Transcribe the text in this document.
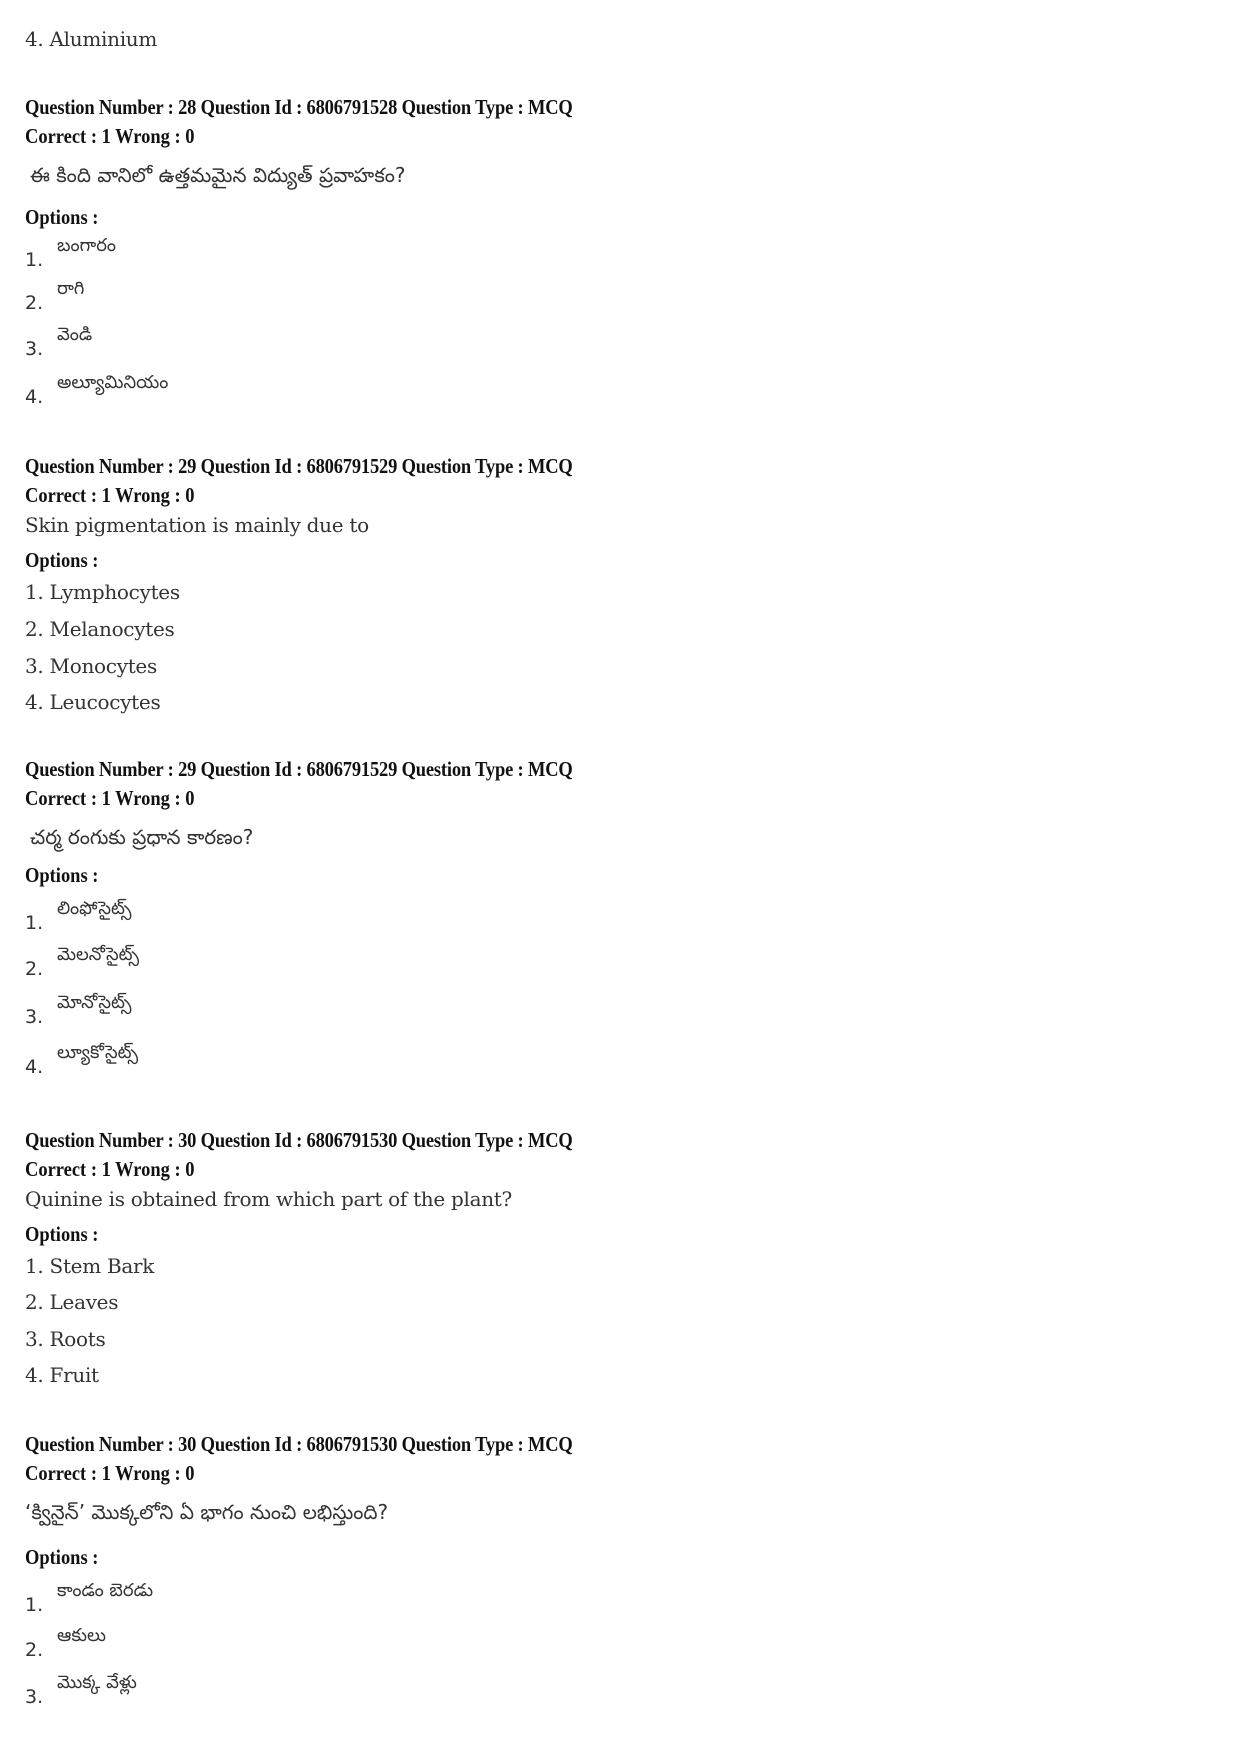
4. Aluminium
Question Number : 28 Question Id : 6806791528 Question Type : MCQ
Correct : 1 Wrong : 0
ఈ కింది వానిలో ఉత్తమమైన విద్యుత్ ప్రవాహకం?
Options :
1.
బంగారం
2.
రాగి
3.
వెండి
4.
అల్యూమినియం
Question Number : 29 Question Id : 6806791529 Question Type : MCQ
Correct : 1 Wrong : 0
Skin pigmentation is mainly due to
Options :
1. Lymphocytes
2. Melanocytes
3. Monocytes
4. Leucocytes
Question Number : 29 Question Id : 6806791529 Question Type : MCQ
Correct : 1 Wrong : 0
చర్మ రంగుకు ప్రధాన కారణం?
Options :
1.
లింఫోసైట్స్
2.
మెలనోసైట్స్
3.
మోనోసైట్స్
4.
ల్యూకోసైట్స్
Question Number : 30 Question Id : 6806791530 Question Type : MCQ
Correct : 1 Wrong : 0
Quinine is obtained from which part of the plant?
Options :
1. Stem Bark
2. Leaves
3. Roots
4. Fruit
Question Number : 30 Question Id : 6806791530 Question Type : MCQ
Correct : 1 Wrong : 0
‘క్వినైన్’ మొక్కలోని ఏ భాగం నుంచి లభిస్తుంది?
Options :
1.
కాండం బెరడు
2.
ఆకులు
3.
మొక్క వేళ్లు
